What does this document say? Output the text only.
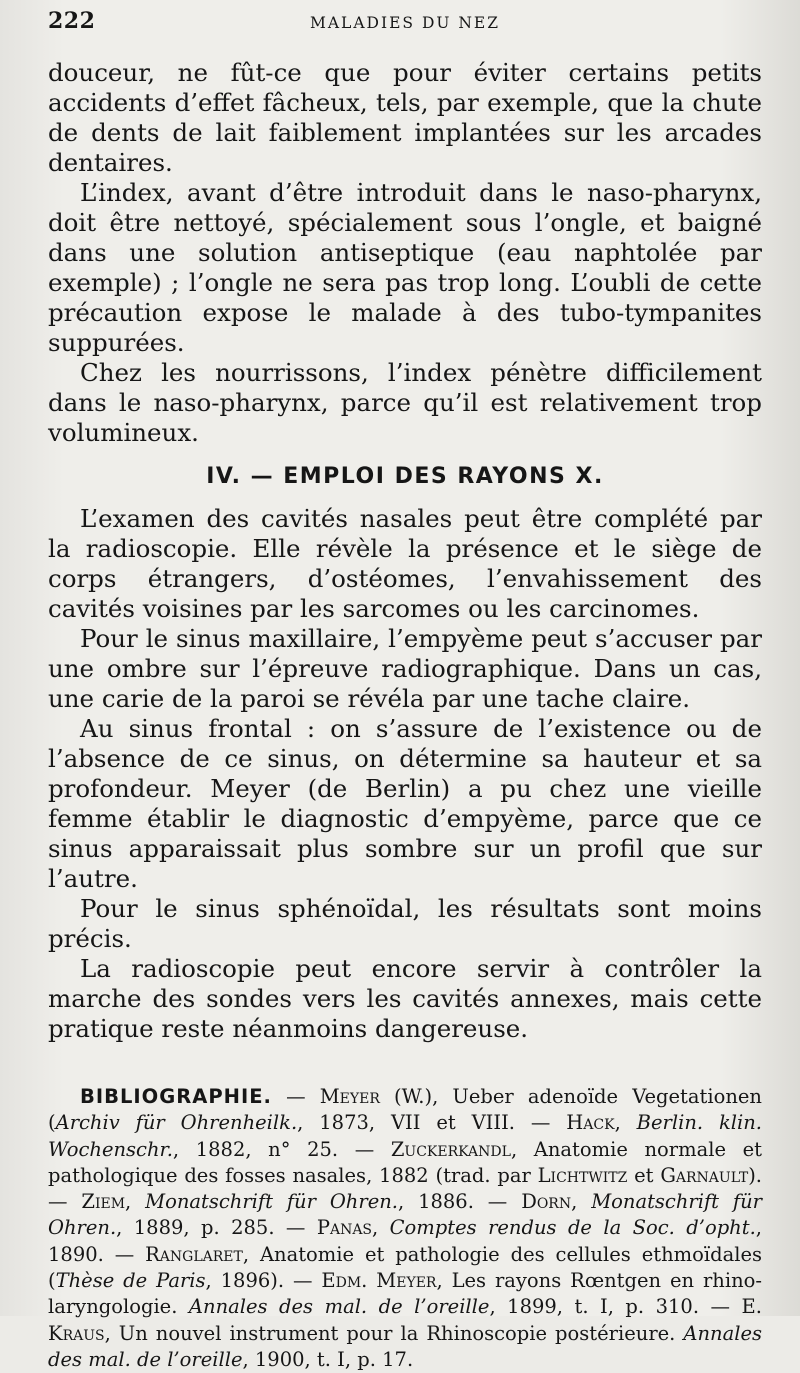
222	MALADIES DU NEZ

douceur, ne fût-ce que pour éviter certains petits accidents d’effet fâcheux, tels, par exemple, que la chute de dents de lait faiblement implantées sur les arcades dentaires.

L’index, avant d’être introduit dans le naso-pharynx, doit être nettoyé, spécialement sous l’ongle, et baigné dans une solution antiseptique (eau naphtolée par exemple) ; l’ongle ne sera pas trop long. L’oubli de cette précaution expose le malade à des tubo-tympanites suppurées.

Chez les nourrissons, l’index pénètre difficilement dans le naso-pharynx, parce qu’il est relativement trop volumineux.

IV. — EMPLOI DES RAYONS X.

L’examen des cavités nasales peut être complété par la radioscopie. Elle révèle la présence et le siège de corps étrangers, d’ostéomes, l’envahissement des cavités voisines par les sarcomes ou les carcinomes.

Pour le sinus maxillaire, l’empyème peut s’accuser par une ombre sur l’épreuve radiographique. Dans un cas, une carie de la paroi se révéla par une tache claire.

Au sinus frontal : on s’assure de l’existence ou de l’absence de ce sinus, on détermine sa hauteur et sa profondeur. Meyer (de Berlin) a pu chez une vieille femme établir le diagnostic d’empyème, parce que ce sinus apparaissait plus sombre sur un profil que sur l’autre.

Pour le sinus sphénoïdal, les résultats sont moins précis.

La radioscopie peut encore servir à contrôler la marche des sondes vers les cavités annexes, mais cette pratique reste néanmoins dangereuse.

BIBLIOGRAPHIE. — Meyer (W.), Ueber adenoïde Vegetationen (Archiv für Ohrenheilk., 1873, VII et VIII. — Hack, Berlin. klin. Wochenschr., 1882, n° 25. — Zuckerkandl, Anatomie normale et pathologique des fosses nasales, 1882 (trad. par Lichtwitz et Garnault). — Ziem, Monatschrift für Ohren., 1886. — Dorn, Monatschrift für Ohren., 1889, p. 285. — Panas, Comptes rendus de la Soc. d’opht., 1890. — Ranglaret, Anatomie et pathologie des cellules ethmoïdales (Thèse de Paris, 1896). — Edm. Meyer, Les rayons Rœntgen en rhino-laryngologie. Annales des mal. de l’oreille, 1899, t. I, p. 310. — E. Kraus, Un nouvel instrument pour la Rhinoscopie postérieure. Annales des mal. de l’oreille, 1900, t. I, p. 17.
